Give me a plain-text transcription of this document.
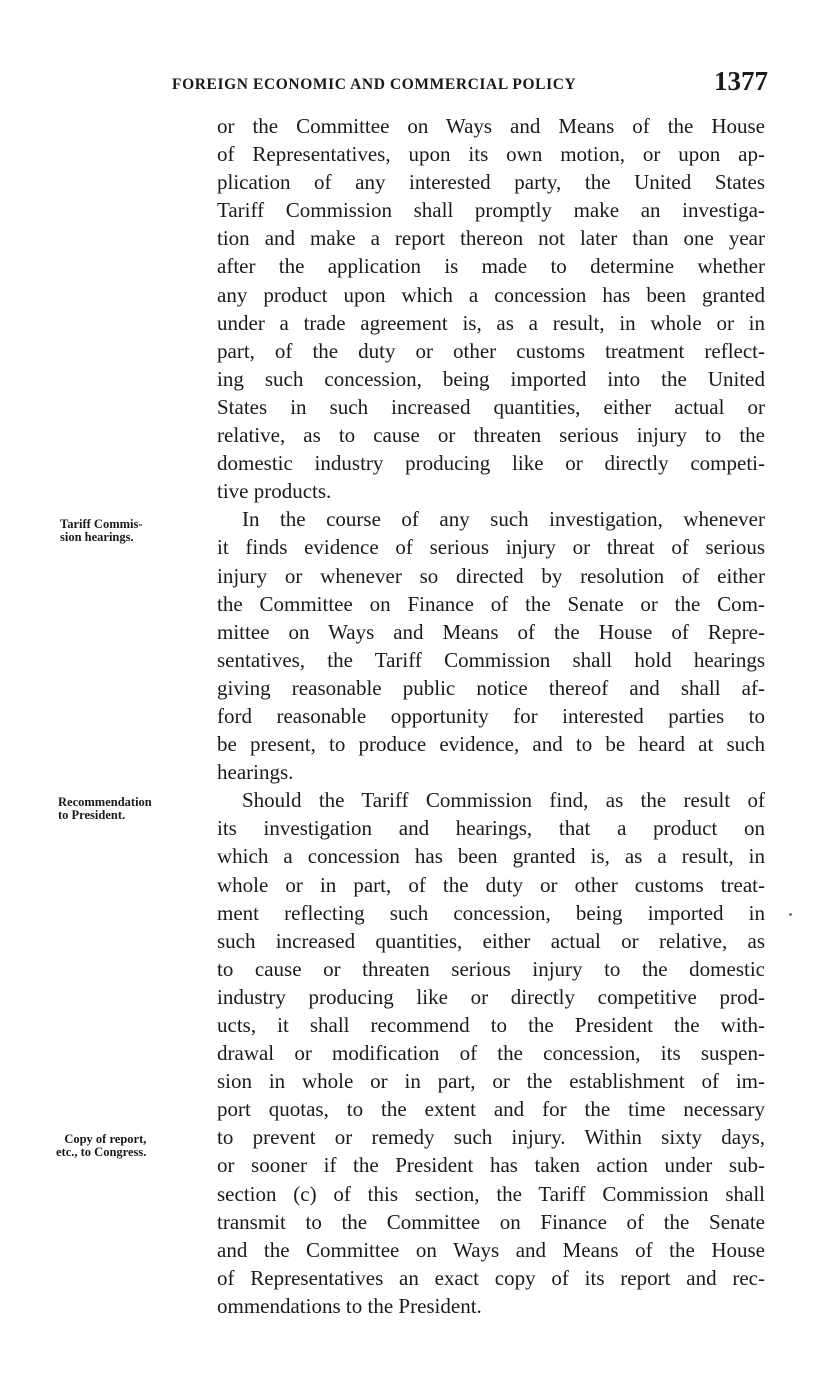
FOREIGN ECONOMIC AND COMMERCIAL POLICY	1377
Tariff Commis-
sion hearings.
Recommendation
to President.
Copy of report,
etc., to Congress.
or the Committee on Ways and Means of the House
of Representatives, upon its own motion, or upon ap-
plication of any interested party, the United States
Tariff Commission shall promptly make an investiga-
tion and make a report thereon not later than one year
after the application is made to determine whether
any product upon which a concession has been granted
under a trade agreement is, as a result, in whole or in
part, of the duty or other customs treatment reflect-
ing such concession, being imported into the United
States in such increased quantities, either actual or
relative, as to cause or threaten serious injury to the
domestic industry producing like or directly competi-
tive products.
In the course of any such investigation, whenever
it finds evidence of serious injury or threat of serious
injury or whenever so directed by resolution of either
the Committee on Finance of the Senate or the Com-
mittee on Ways and Means of the House of Repre-
sentatives, the Tariff Commission shall hold hearings
giving reasonable public notice thereof and shall af-
ford reasonable opportunity for interested parties to
be present, to produce evidence, and to be heard at such
hearings.
Should the Tariff Commission find, as the result of
its investigation and hearings, that a product on
which a concession has been granted is, as a result, in
whole or in part, of the duty or other customs treat-
ment reflecting such concession, being imported in
such increased quantities, either actual or relative, as
to cause or threaten serious injury to the domestic
industry producing like or directly competitive prod-
ucts, it shall recommend to the President the with-
drawal or modification of the concession, its suspen-
sion in whole or in part, or the establishment of im-
port quotas, to the extent and for the time necessary
to prevent or remedy such injury. Within sixty days,
or sooner if the President has taken action under sub-
section (c) of this section, the Tariff Commission shall
transmit to the Committee on Finance of the Senate
and the Committee on Ways and Means of the House
of Representatives an exact copy of its report and rec-
ommendations to the President.
